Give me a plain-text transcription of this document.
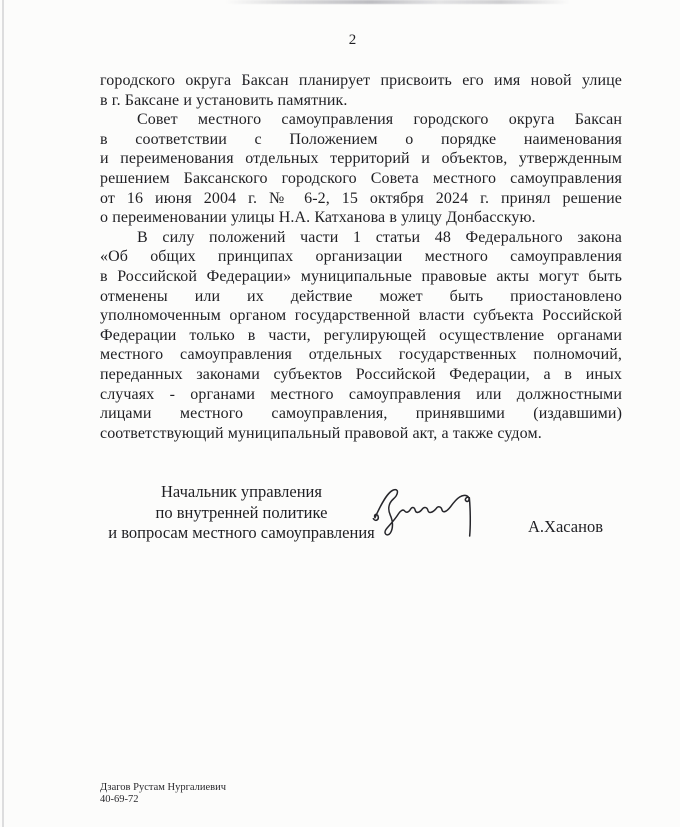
2
городского округа Баксан планирует присвоить его имя новой улице
в г. Баксане и установить памятник.
Совет местного самоуправления городского округа Баксан
в соответствии с Положением о порядке наименования
и переименования отдельных территорий и объектов, утвержденным
решением Баксанского городского Совета местного самоуправления
от 16 июня 2004 г. № 6-2, 15 октября 2024 г. принял решение
о переименовании улицы Н.А. Катханова в улицу Донбасскую.
В силу положений части 1 статьи 48 Федерального закона
«Об общих принципах организации местного самоуправления
в Российской Федерации» муниципальные правовые акты могут быть
отменены или их действие может быть приостановлено
уполномоченным органом государственной власти субъекта Российской
Федерации только в части, регулирующей осуществление органами
местного самоуправления отдельных государственных полномочий,
переданных законами субъектов Российской Федерации, а в иных
случаях - органами местного самоуправления или должностными
лицами местного самоуправления, принявшими (издавшими)
соответствующий муниципальный правовой акт, а также судом.
Начальник управления
по внутренней политике
и вопросам местного самоуправления	А.Хасанов
Дзагов Рустам Нургалиевич
40-69-72
